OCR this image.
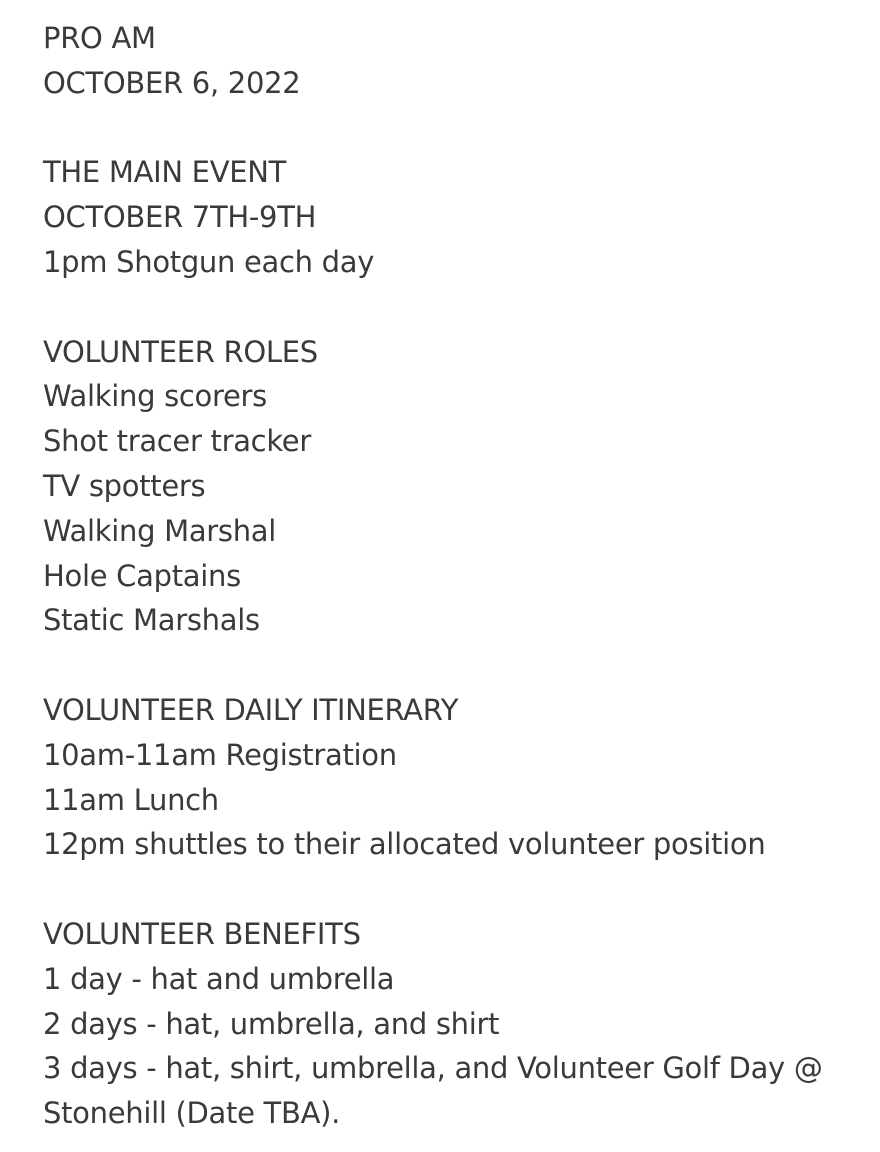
PRO AM
OCTOBER 6, 2022
THE MAIN EVENT
OCTOBER 7TH-9TH
1pm Shotgun each day
VOLUNTEER ROLES
Walking scorers
Shot tracer tracker
TV spotters
Walking Marshal
Hole Captains
Static Marshals
VOLUNTEER DAILY ITINERARY
10am-11am Registration
11am Lunch
12pm shuttles to their allocated volunteer position
VOLUNTEER BENEFITS
1 day - hat and umbrella
2 days - hat, umbrella, and shirt
3 days - hat, shirt, umbrella, and Volunteer Golf Day @
Stonehill (Date TBA).
